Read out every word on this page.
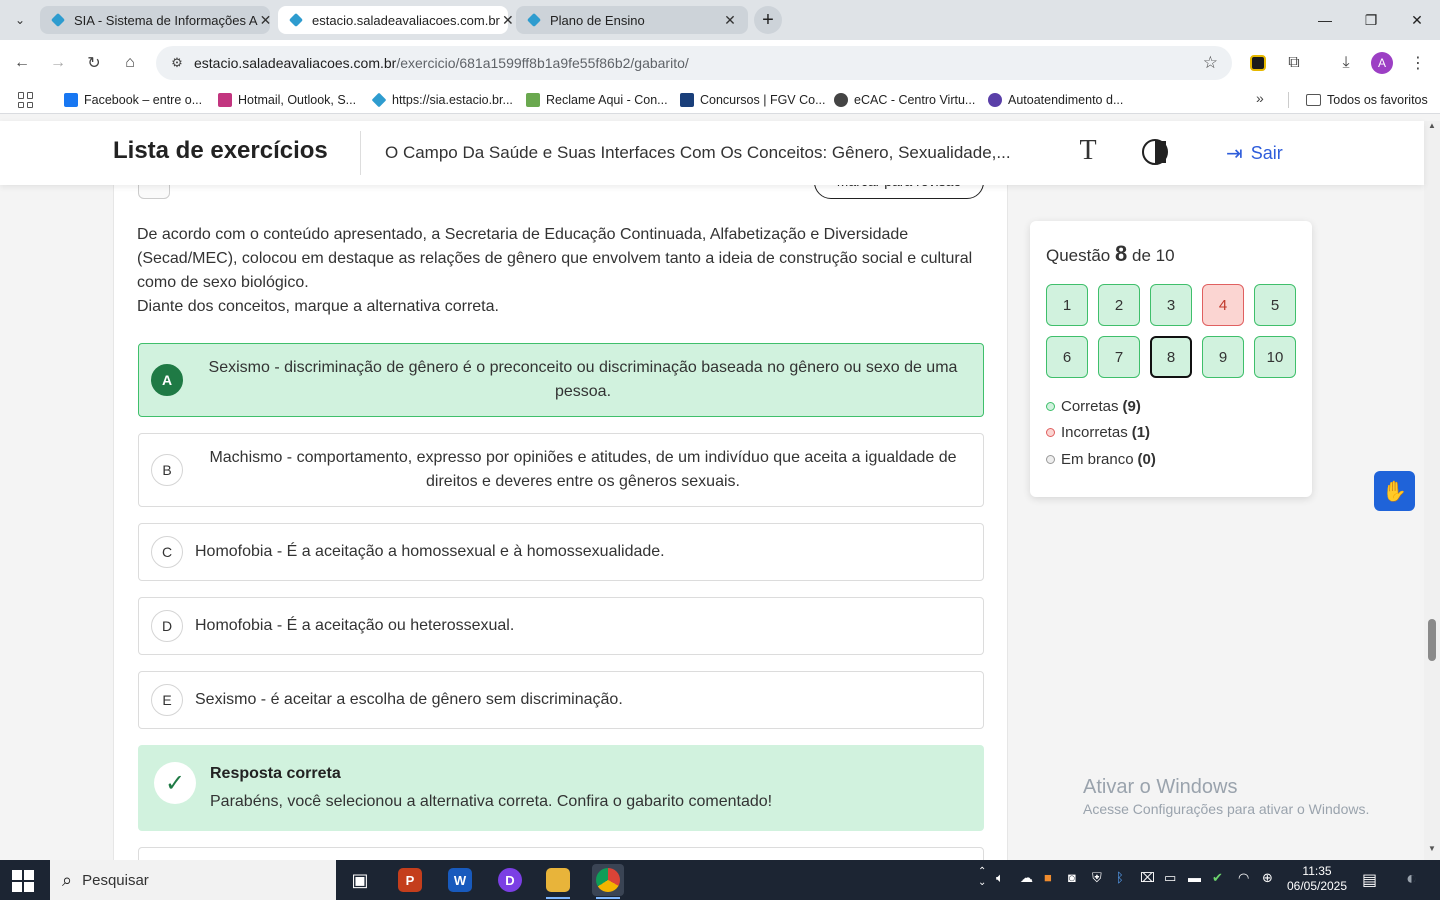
⌄	SIA - Sistema de Informações A ✕	estacio.saladeavaliacoes.com.br ✕	Plano de Ensino	✕	+	—	❐	✕
←	→	↻	⌂	⚙ estacio.saladeavaliacoes.com.br/exercicio/681a1599ff8b1a9fe55f86b2/gabarito/	☆	⧉	⤓	A	⋮
Facebook – entre o...	Hotmail, Outlook, S...	https://sia.estacio.br...	Reclame Aqui - Con...	Concursos | FGV Co... eCAC - Centro Virtu...	Autoatendimento d...	»	Todos os favoritos
Lista de exercícios	O Campo Da Saúde e Suas Interfaces Com Os Conceitos: Gênero, Sexualidade,... T	⇥ Sair
De acordo com o conteúdo apresentado, a Secretaria de Educação Continuada, Alfabetização e Diversidade (Secad/MEC), colocou em destaque as relações de gênero que envolvem tanto a ideia de construção social e cultural como de sexo biológico.
Diante dos conceitos, marque a alternativa correta.
A
Sexismo - discriminação de gênero é o preconceito ou discriminação baseada no gênero ou sexo de uma pessoa.
B
Machismo - comportamento, expresso por opiniões e atitudes, de um indivíduo que aceita a igualdade de direitos e deveres entre os gêneros sexuais.
C	Homofobia - É a aceitação a homossexual e à homossexualidade.
D	Homofobia - É a aceitação ou heterossexual.
E	Sexismo - é aceitar a escolha de gênero sem discriminação.
✓	Resposta correta
Parabéns, você selecionou a alternativa correta. Confira o gabarito comentado!
Questão 8 de 10
1	2	3	4	5
6	7	8	9	10
Corretas (9)
Incorretas (1)
Em branco (0)
✋
Ativar o Windows
Acesse Configurações para ativar o Windows.
▲
▼
⌕ Pesquisar	▣	P	W	D
⌃
⌄ 🔈︎ ☁ ■ ◙ ⛨ ᛒ ⌧ ▭ ▬ ✔ ◠ ⊕	11:35
06/05/2025 ▤ ◐
